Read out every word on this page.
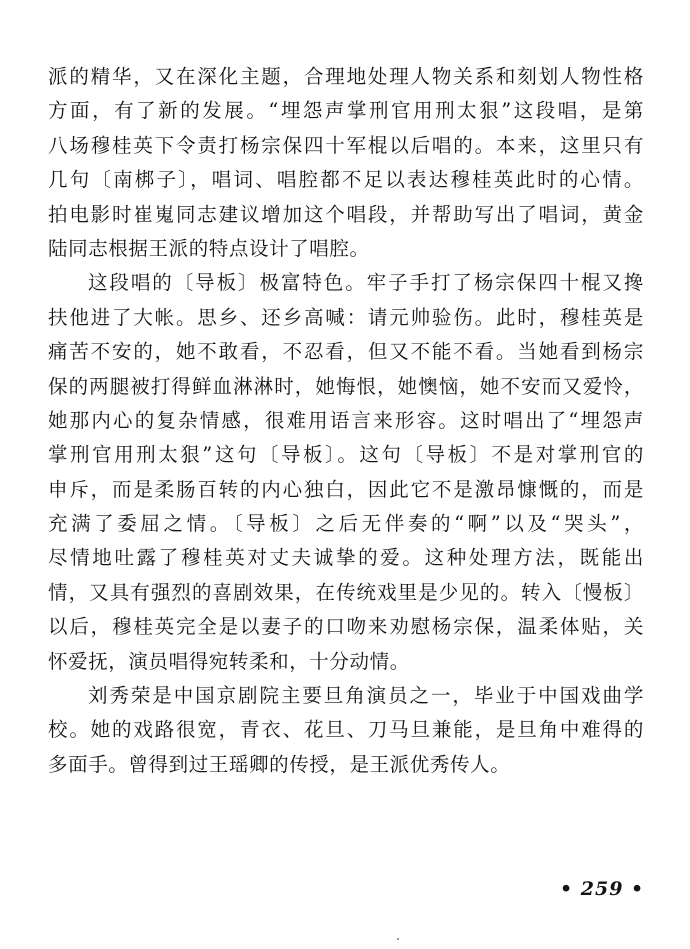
派的精华，又在深化主题，合理地处理人物关系和刻划人物性格
方面，有了新的发展。“埋怨声掌刑官用刑太狠”这段唱，是第
八场穆桂英下令责打杨宗保四十军棍以后唱的。本来，这里只有
几句〔南梆子〕，唱词、唱腔都不足以表达穆桂英此时的心情。
拍电影时崔嵬同志建议增加这个唱段，并帮助写出了唱词，黄金
陆同志根据王派的特点设计了唱腔。
这段唱的〔导板〕极富特色。牢子手打了杨宗保四十棍又搀
扶他进了大帐。思乡、还乡高喊：请元帅验伤。此时，穆桂英是
痛苦不安的，她不敢看，不忍看，但又不能不看。当她看到杨宗
保的两腿被打得鲜血淋淋时，她悔恨，她懊恼，她不安而又爱怜，
她那内心的复杂情感，很难用语言来形容。这时唱出了“埋怨声
掌刑官用刑太狠”这句〔导板〕。这句〔导板〕不是对掌刑官的
申斥，而是柔肠百转的内心独白，因此它不是激昂慷慨的，而是
充满了委屈之情。〔导板〕之后无伴奏的“啊”以及“哭头”，
尽情地吐露了穆桂英对丈夫诚挚的爱。这种处理方法，既能出
情，又具有强烈的喜剧效果，在传统戏里是少见的。转入〔慢板〕
以后，穆桂英完全是以妻子的口吻来劝慰杨宗保，温柔体贴，关
怀爱抚，演员唱得宛转柔和，十分动情。
刘秀荣是中国京剧院主要旦角演员之一，毕业于中国戏曲学
校。她的戏路很宽，青衣、花旦、刀马旦兼能，是旦角中难得的
多面手。曾得到过王瑶卿的传授，是王派优秀传人。
• 259 •
